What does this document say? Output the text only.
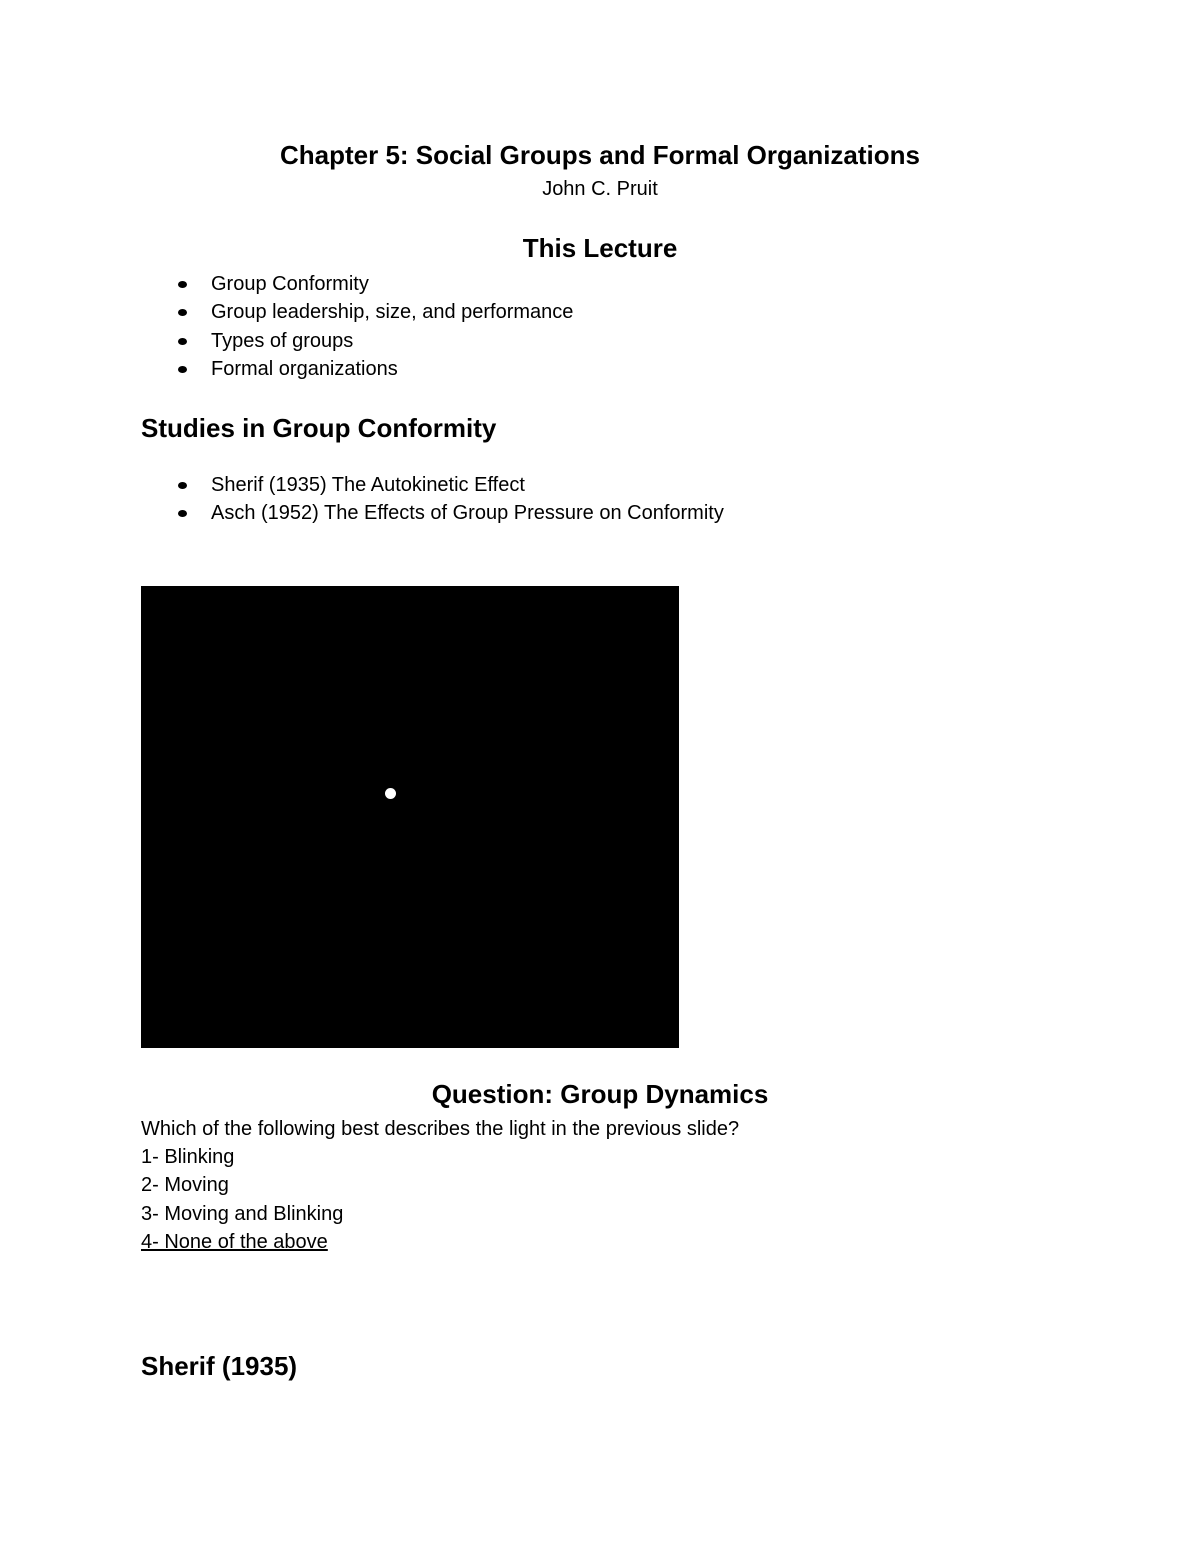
Chapter 5: Social Groups and Formal Organizations
John C. Pruit
This Lecture
Group Conformity
Group leadership, size, and performance
Types of groups
Formal organizations
Studies in Group Conformity
Sherif (1935) The Autokinetic Effect
Asch (1952) The Effects of Group Pressure on Conformity
Question: Group Dynamics
Which of the following best describes the light in the previous slide?
1- Blinking
2- Moving
3- Moving and Blinking
4- None of the above
Sherif (1935)
